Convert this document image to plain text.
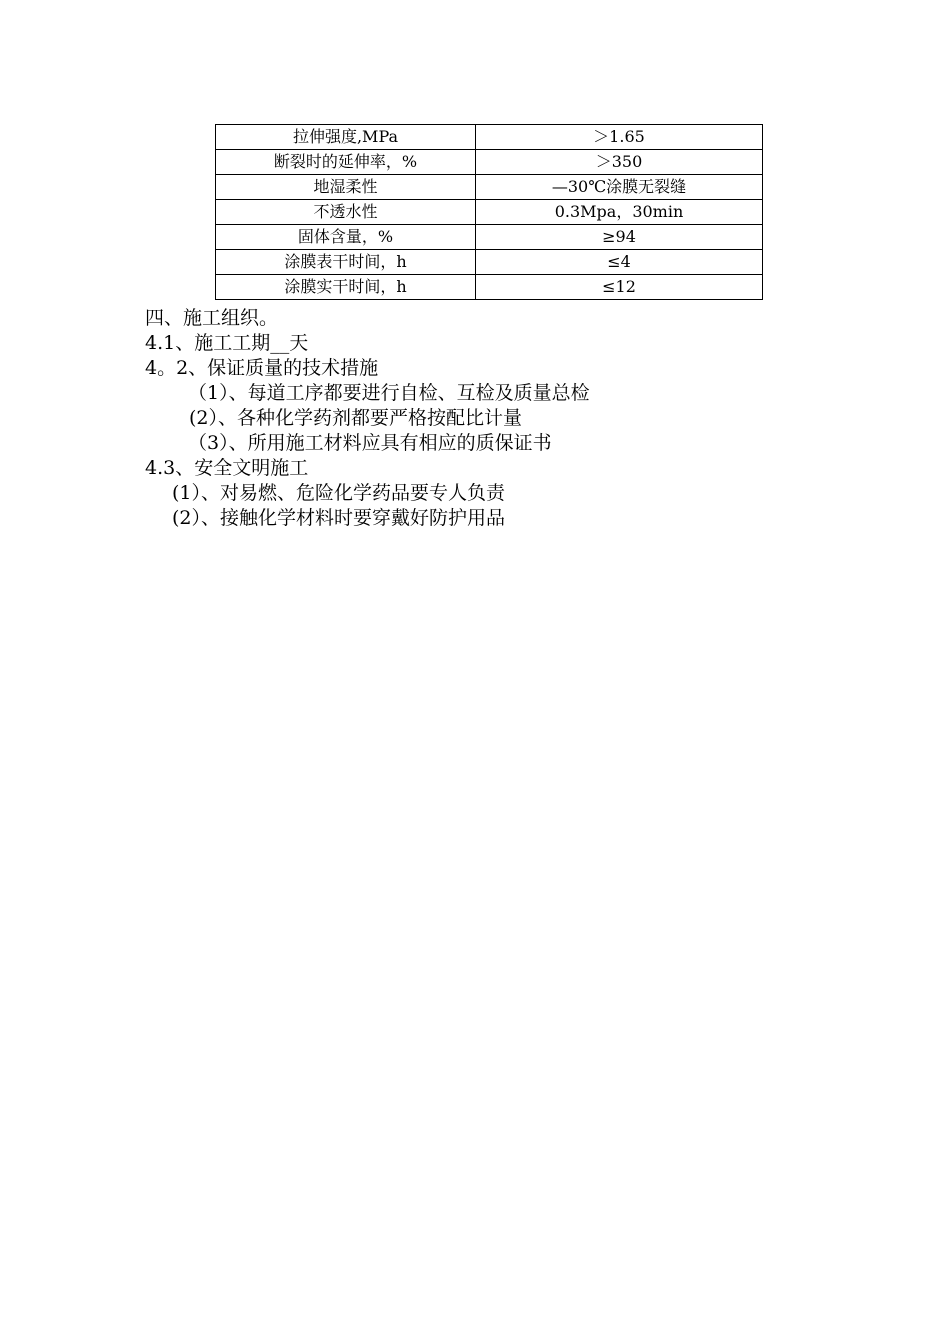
拉伸强度,MPa	＞1.65
断裂时的延伸率，%	＞350
地湿柔性	—30℃涂膜无裂缝
不透水性	0.3Mpa，30min
固体含量，%	≥94
涂膜表干时间，h	≤4
涂膜实干时间，h	≤12
四、施工组织。
4.1、施工工期__天
4。2、保证质量的技术措施
（1）、每道工序都要进行自检、互检及质量总检
(2）、各种化学药剂都要严格按配比计量
（3）、所用施工材料应具有相应的质保证书
4.3、安全文明施工
(1）、对易燃、危险化学药品要专人负责
(2）、接触化学材料时要穿戴好防护用品
